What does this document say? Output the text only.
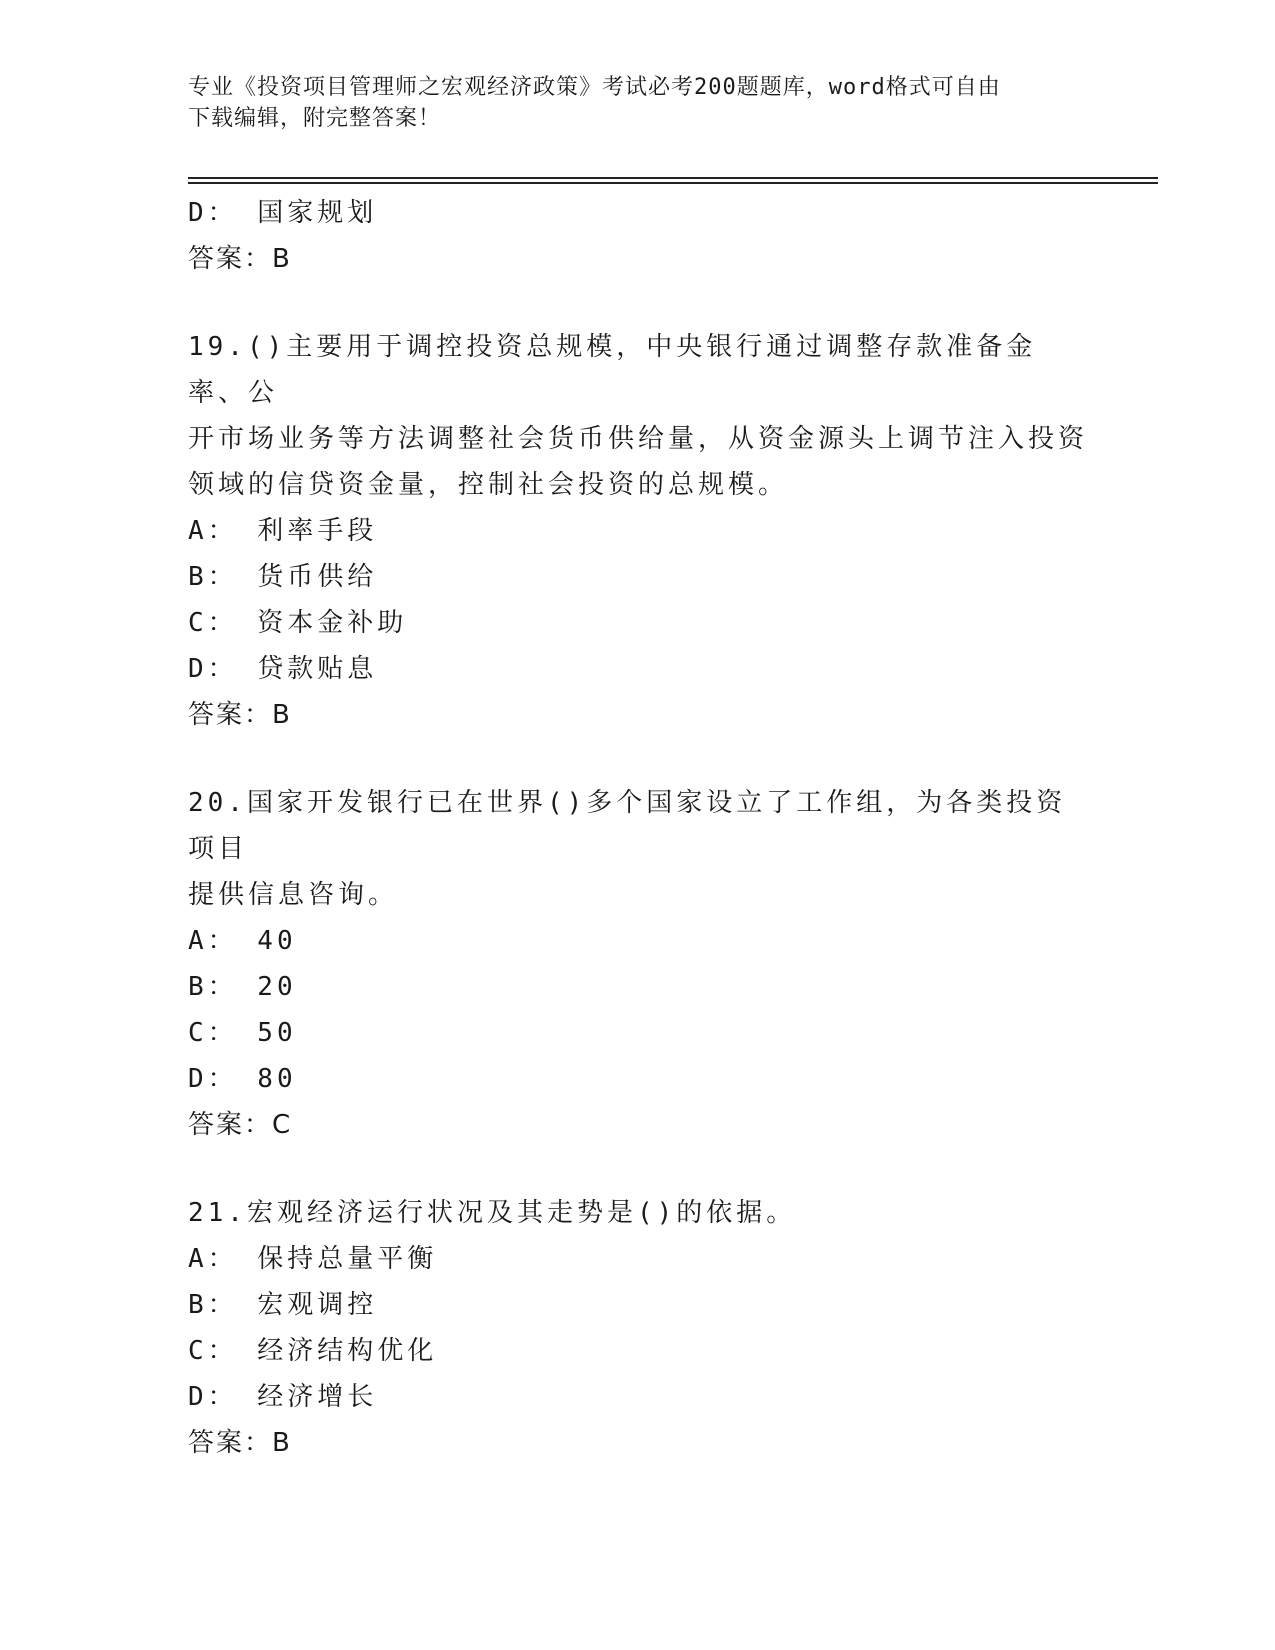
专业《投资项目管理师之宏观经济政策》考试必考200题题库，word格式可自由
下载编辑，附完整答案！
D： 国家规划
答案：B
19.()主要用于调控投资总规模，中央银行通过调整存款准备金率、公
开市场业务等方法调整社会货币供给量，从资金源头上调节注入投资
领域的信贷资金量，控制社会投资的总规模。
A： 利率手段
B： 货币供给
C： 资本金补助
D： 贷款贴息
答案：B
20.国家开发银行已在世界()多个国家设立了工作组，为各类投资项目
提供信息咨询。
A： 40
B： 20
C： 50
D： 80
答案：C
21.宏观经济运行状况及其走势是()的依据。
A： 保持总量平衡
B： 宏观调控
C： 经济结构优化
D： 经济增长
答案：B
